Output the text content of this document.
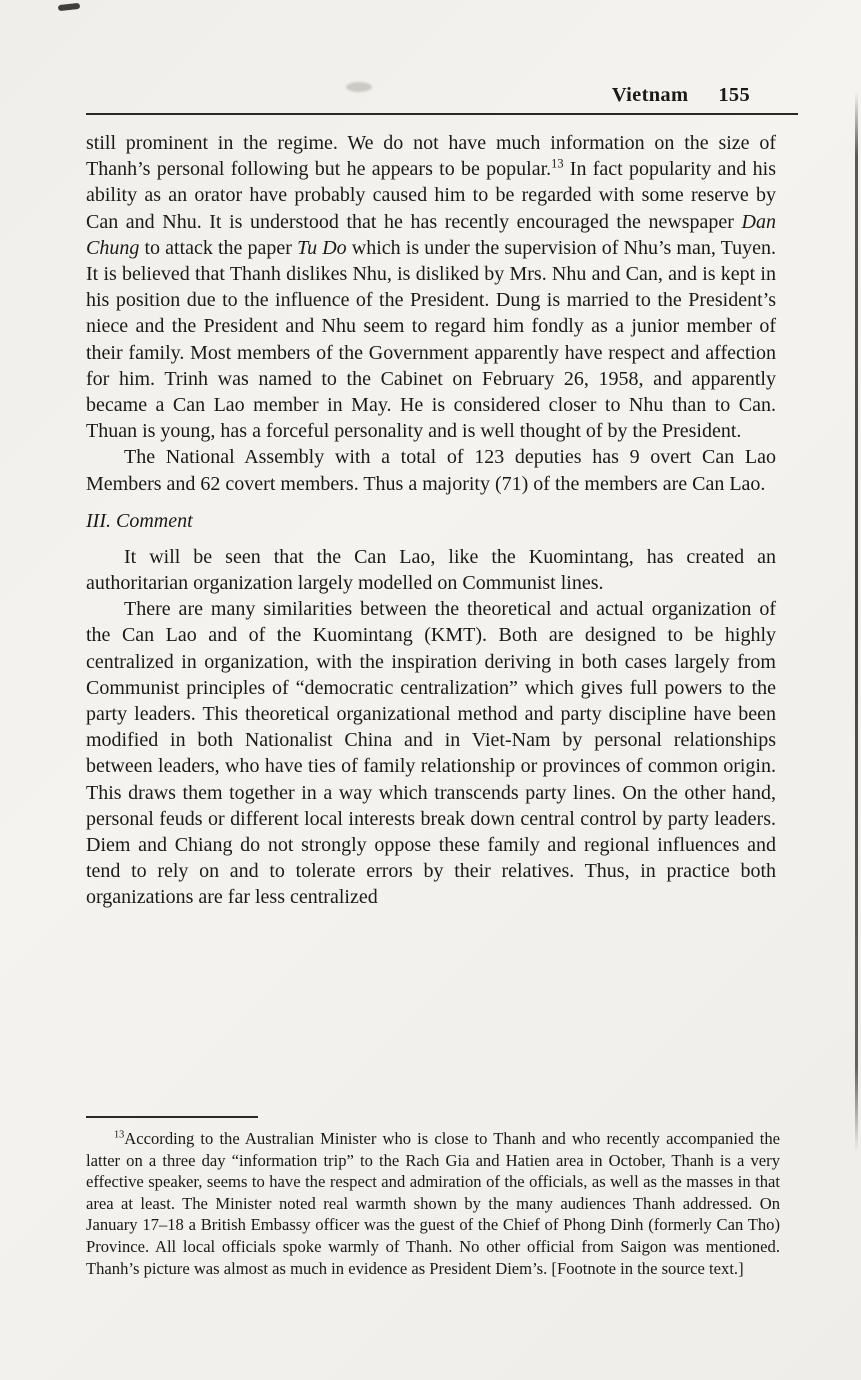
Vietnam 155

still prominent in the regime. We do not have much information on the size of Thanh’s personal following but he appears to be popular.$^{13}$ In fact popularity and his ability as an orator have probably caused him to be regarded with some reserve by Can and Nhu. It is understood that he has recently encouraged the newspaper Dan Chung to attack the paper Tu Do which is under the supervision of Nhu’s man, Tuyen. It is believed that Thanh dislikes Nhu, is disliked by Mrs. Nhu and Can, and is kept in his position due to the influence of the President. Dung is married to the President’s niece and the President and Nhu seem to regard him fondly as a junior member of their family. Most members of the Government apparently have respect and affection for him. Trinh was named to the Cabinet on February 26, 1958, and apparently became a Can Lao member in May. He is considered closer to Nhu than to Can. Thuan is young, has a forceful personality and is well thought of by the President.

The National Assembly with a total of 123 deputies has 9 overt Can Lao Members and 62 covert members. Thus a majority (71) of the members are Can Lao.

III. Comment

It will be seen that the Can Lao, like the Kuomintang, has created an authoritarian organization largely modelled on Communist lines.

There are many similarities between the theoretical and actual organization of the Can Lao and of the Kuomintang (KMT). Both are designed to be highly centralized in organization, with the inspiration deriving in both cases largely from Communist principles of “democratic centralization” which gives full powers to the party leaders. This theoretical organizational method and party discipline have been modified in both Nationalist China and in Viet-Nam by personal relationships between leaders, who have ties of family relationship or provinces of common origin. This draws them together in a way which transcends party lines. On the other hand, personal feuds or different local interests break down central control by party leaders. Diem and Chiang do not strongly oppose these family and regional influences and tend to rely on and to tolerate errors by their relatives. Thus, in practice both organizations are far less centralized

$^{13}$According to the Australian Minister who is close to Thanh and who recently accompanied the latter on a three day “information trip” to the Rach Gia and Hatien area in October, Thanh is a very effective speaker, seems to have the respect and admiration of the officials, as well as the masses in that area at least. The Minister noted real warmth shown by the many audiences Thanh addressed. On January 17–18 a British Embassy officer was the guest of the Chief of Phong Dinh (formerly Can Tho) Province. All local officials spoke warmly of Thanh. No other official from Saigon was mentioned. Thanh’s picture was almost as much in evidence as President Diem’s. [Footnote in the source text.]
